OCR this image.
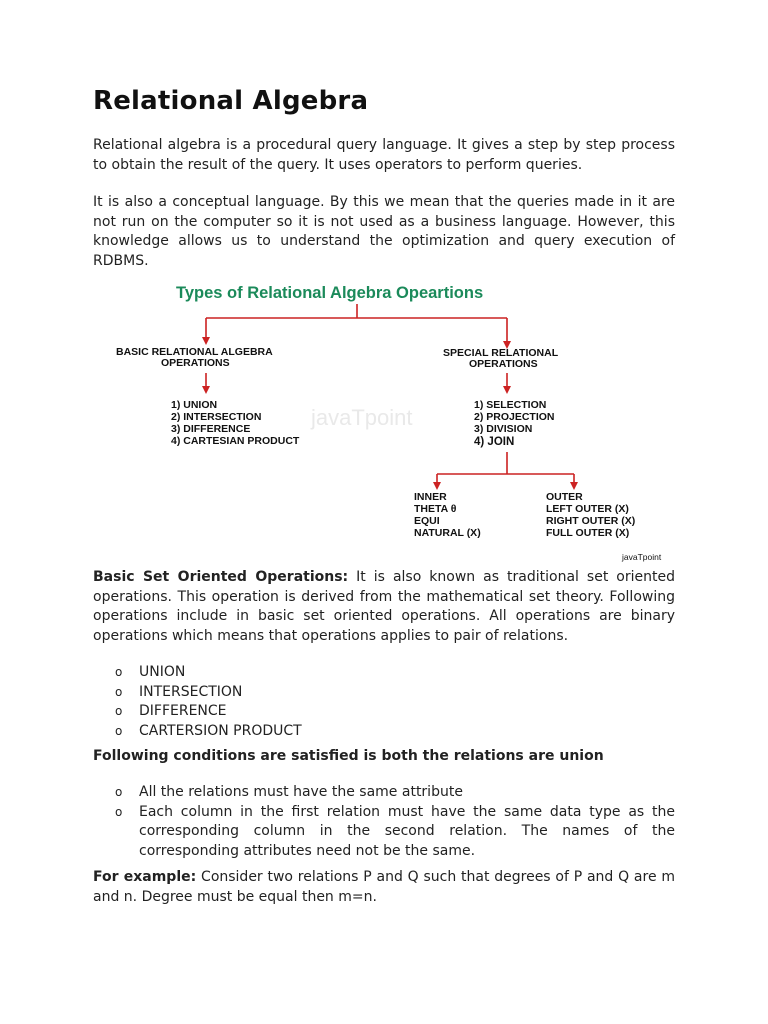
Relational Algebra

Relational algebra is a procedural query language. It gives a step by step process to obtain the result of the query. It uses operators to perform queries.

It is also a conceptual language. By this we mean that the queries made in it are not run on the computer so it is not used as a business language. However, this knowledge allows us to understand the optimization and query execution of RDBMS.

Basic Set Oriented Operations: It is also known as traditional set oriented operations. This operation is derived from the mathematical set theory. Following operations include in basic set oriented operations. All operations are binary operations which means that operations applies to pair of relations.

o UNION
o INTERSECTION
o DIFFERENCE
o CARTERSION PRODUCT

Following conditions are satisfied is both the relations are union

o All the relations must have the same attribute
o Each column in the first relation must have the same data type as the corresponding column in the second relation. The names of the corresponding attributes need not be the same.

For example: Consider two relations P and Q such that degrees of P and Q are m and n. Degree must be equal then m=n.

Types of Relational Algebra Opeartions
BASIC RELATIONAL ALGEBRA
OPERATIONS
SPECIAL RELATIONAL
OPERATIONS
javaTpoint
1) UNION
2) INTERSECTION
3) DIFFERENCE
4) CARTESIAN PRODUCT
1) SELECTION
2) PROJECTION
3) DIVISION
4) JOIN
INNER
THETA θ
EQUI
NATURAL (X)
OUTER
LEFT OUTER (X)
RIGHT OUTER (X)
FULL OUTER (X)
javaTpoint
